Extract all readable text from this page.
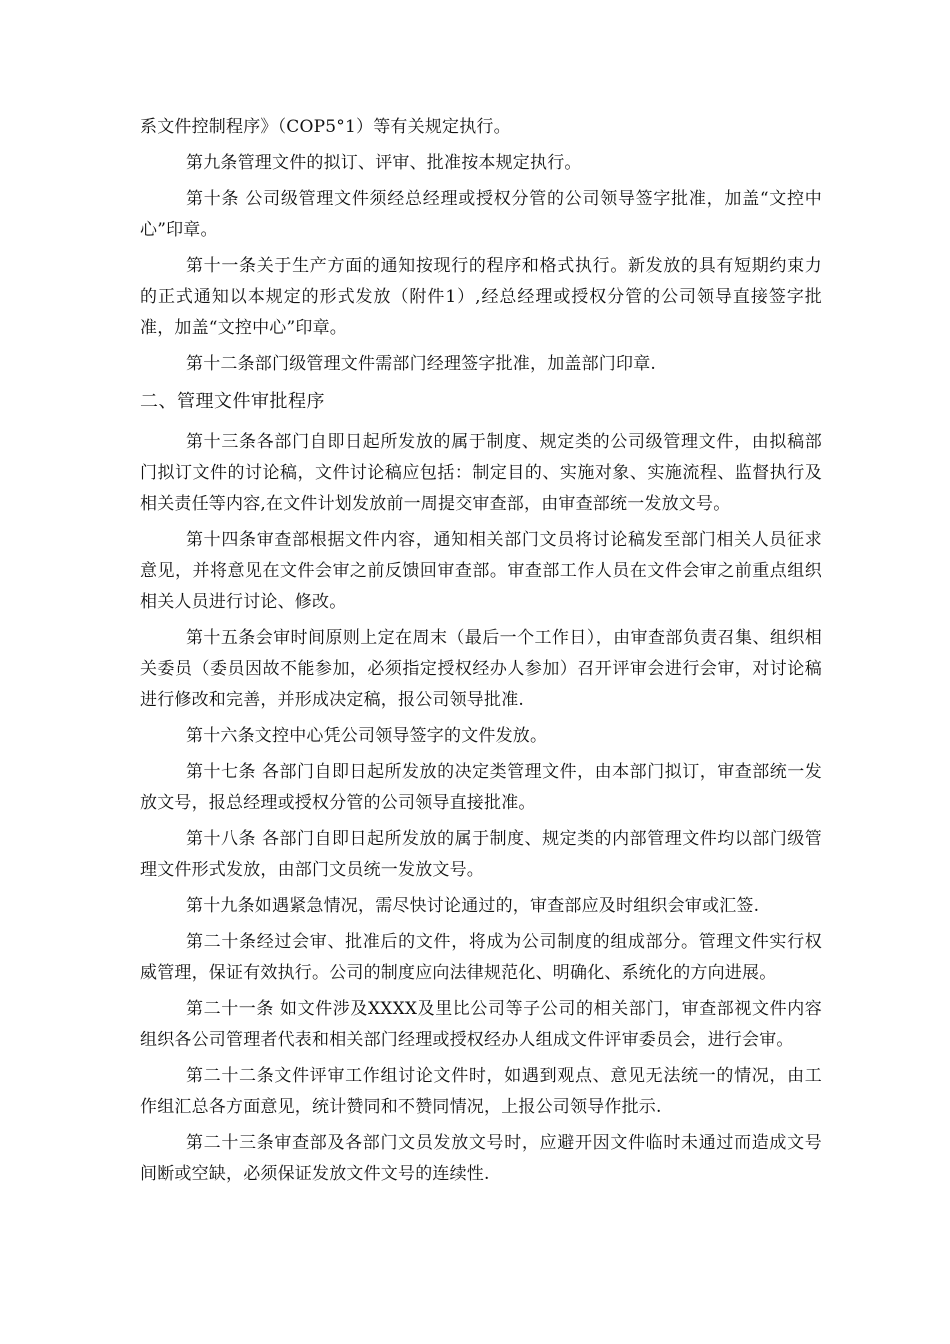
系文件控制程序》（COP5°1）等有关规定执行。

第九条管理文件的拟订、评审、批准按本规定执行。

第十条 公司级管理文件须经总经理或授权分管的公司领导签字批准，加盖“文控中心”印章。

第十一条关于生产方面的通知按现行的程序和格式执行。新发放的具有短期约束力的正式通知以本规定的形式发放（附件1）,经总经理或授权分管的公司领导直接签字批准，加盖“文控中心”印章。

第十二条部门级管理文件需部门经理签字批准，加盖部门印章.

二、管理文件审批程序

第十三条各部门自即日起所发放的属于制度、规定类的公司级管理文件，由拟稿部门拟订文件的讨论稿，文件讨论稿应包括：制定目的、实施对象、实施流程、监督执行及相关责任等内容,在文件计划发放前一周提交审查部，由审查部统一发放文号。

第十四条审查部根据文件内容，通知相关部门文员将讨论稿发至部门相关人员征求意见，并将意见在文件会审之前反馈回审查部。审查部工作人员在文件会审之前重点组织相关人员进行讨论、修改。

第十五条会审时间原则上定在周末（最后一个工作日），由审查部负责召集、组织相关委员（委员因故不能参加，必须指定授权经办人参加）召开评审会进行会审，对讨论稿进行修改和完善，并形成决定稿，报公司领导批准.

第十六条文控中心凭公司领导签字的文件发放。

第十七条 各部门自即日起所发放的决定类管理文件，由本部门拟订，审查部统一发放文号，报总经理或授权分管的公司领导直接批准。

第十八条 各部门自即日起所发放的属于制度、规定类的内部管理文件均以部门级管理文件形式发放，由部门文员统一发放文号。

第十九条如遇紧急情况，需尽快讨论通过的，审查部应及时组织会审或汇签.

第二十条经过会审、批准后的文件，将成为公司制度的组成部分。管理文件实行权威管理，保证有效执行。公司的制度应向法律规范化、明确化、系统化的方向进展。

第二十一条 如文件涉及XXXX及里比公司等子公司的相关部门，审查部视文件内容组织各公司管理者代表和相关部门经理或授权经办人组成文件评审委员会，进行会审。

第二十二条文件评审工作组讨论文件时，如遇到观点、意见无法统一的情况，由工作组汇总各方面意见，统计赞同和不赞同情况，上报公司领导作批示.

第二十三条审查部及各部门文员发放文号时，应避开因文件临时未通过而造成文号间断或空缺，必须保证发放文件文号的连续性.
